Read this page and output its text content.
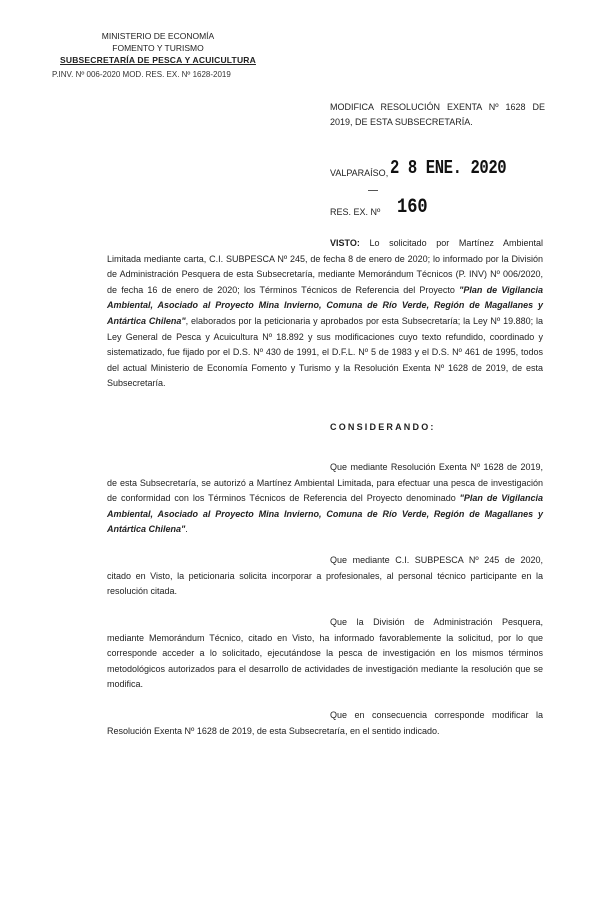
MINISTERIO DE ECONOMÍA
FOMENTO Y TURISMO
SUBSECRETARÍA DE PESCA Y ACUICULTURA
P.INV. Nº 006-2020 MOD. RES. EX. Nº 1628-2019
MODIFICA RESOLUCIÓN EXENTA Nº 1628 DE 2019, DE ESTA SUBSECRETARÍA.
VALPARAÍSO, 2 8 ENE. 2020
RES. EX. Nº 160

VISTO: Lo solicitado por Martínez Ambiental Limitada mediante carta, C.I. SUBPESCA Nº 245, de fecha 8 de enero de 2020; lo informado por la División de Administración Pesquera de esta Subsecretaría, mediante Memorándum Técnicos (P. INV) Nº 006/2020, de fecha 16 de enero de 2020; los Términos Técnicos de Referencia del Proyecto "Plan de Vigilancia Ambiental, Asociado al Proyecto Mina Invierno, Comuna de Río Verde, Región de Magallanes y Antártica Chilena", elaborados por la peticionaria y aprobados por esta Subsecretaría; la Ley Nº 19.880; la Ley General de Pesca y Acuicultura Nº 18.892 y sus modificaciones cuyo texto refundido, coordinado y sistematizado, fue fijado por el D.S. Nº 430 de 1991, el D.F.L. Nº 5 de 1983 y el D.S. Nº 461 de 1995, todos del actual Ministerio de Economía Fomento y Turismo y la Resolución Exenta Nº 1628 de 2019, de esta Subsecretaría.

CONSIDERANDO:

Que mediante Resolución Exenta Nº 1628 de 2019, de esta Subsecretaría, se autorizó a Martínez Ambiental Limitada, para efectuar una pesca de investigación de conformidad con los Términos Técnicos de Referencia del Proyecto denominado "Plan de Vigilancia Ambiental, Asociado al Proyecto Mina Invierno, Comuna de Río Verde, Región de Magallanes y Antártica Chilena".

Que mediante C.I. SUBPESCA Nº 245 de 2020, citado en Visto, la peticionaria solicita incorporar a profesionales, al personal técnico participante en la resolución citada.

Que la División de Administración Pesquera, mediante Memorándum Técnico, citado en Visto, ha informado favorablemente la solicitud, por lo que corresponde acceder a lo solicitado, ejecutándose la pesca de investigación en los mismos términos metodológicos autorizados para el desarrollo de actividades de investigación mediante la resolución que se modifica.

Que en consecuencia corresponde modificar la Resolución Exenta Nº 1628 de 2019, de esta Subsecretaría, en el sentido indicado.
